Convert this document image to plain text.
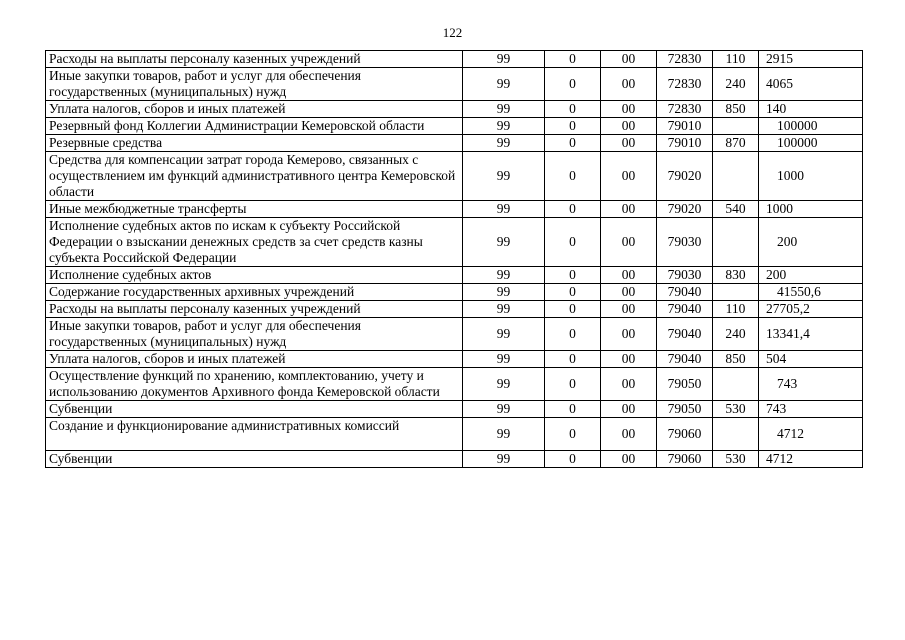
122
Расходы на выплаты персоналу казенных учреждений	99	0	00	72830	110	2915
Иные закупки товаров, работ и услуг для обеспечения государственных (муниципальных) нужд	99	0	00	72830	240	4065
Уплата налогов, сборов и иных платежей	99	0	00	72830	850	140
Резервный фонд Коллегии Администрации Кемеровской области	99	0	00	79010		100000
Резервные средства	99	0	00	79010	870	100000
Средства для компенсации затрат города Кемерово, связанных с осуществлением им функций административного центра Кемеровской области	99	0	00	79020		1000
Иные межбюджетные трансферты	99	0	00	79020	540	1000
Исполнение судебных актов по искам к субъекту Российской Федерации о взыскании денежных средств за счет средств казны субъекта Российской Федерации	99	0	00	79030		200
Исполнение судебных актов	99	0	00	79030	830	200
Содержание государственных архивных учреждений	99	0	00	79040		41550,6
Расходы на выплаты персоналу казенных учреждений	99	0	00	79040	110	27705,2
Иные закупки товаров, работ и услуг для обеспечения государственных (муниципальных) нужд	99	0	00	79040	240	13341,4
Уплата налогов, сборов и иных платежей	99	0	00	79040	850	504
Осуществление функций по хранению, комплектованию, учету и использованию документов Архивного фонда Кемеровской области	99	0	00	79050		743
Субвенции	99	0	00	79050	530	743
Создание и функционирование административных комиссий	99	0	00	79060		4712
Субвенции	99	0	00	79060	530	4712
